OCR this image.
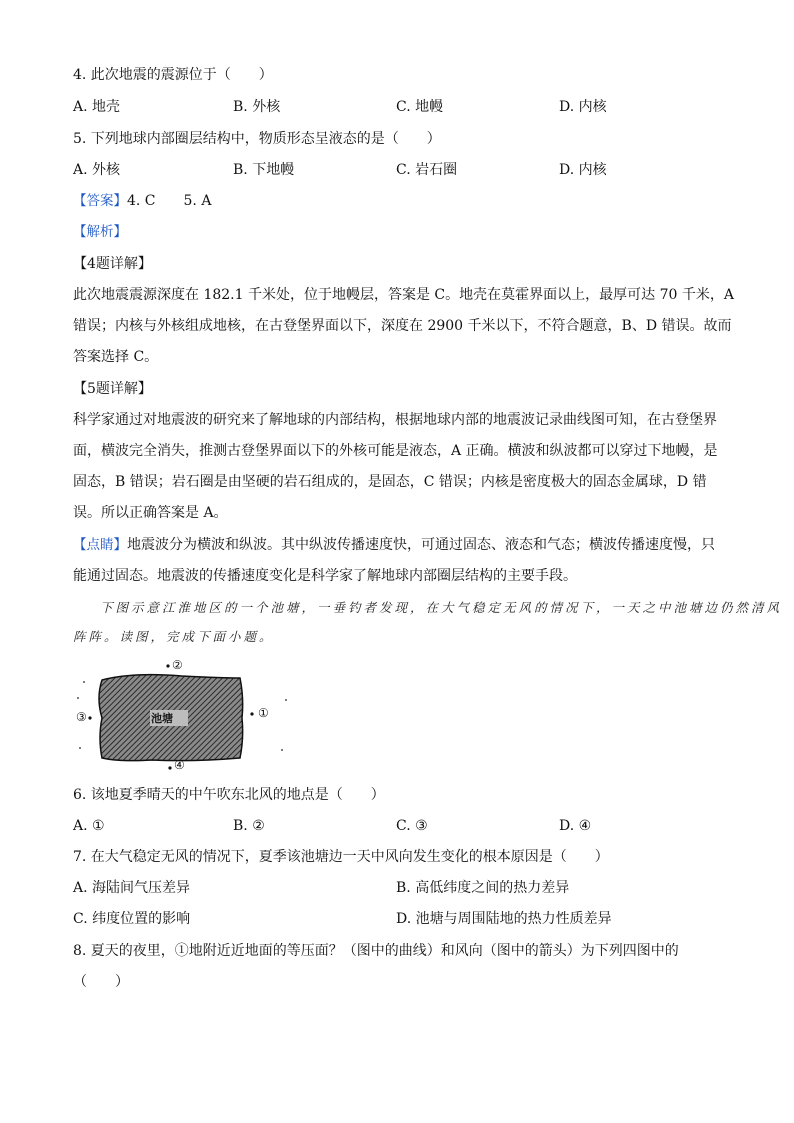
4. 此次地震的震源位于（　　）
A. 地壳	B. 外核	C. 地幔	D. 内核
5. 下列地球内部圈层结构中，物质形态呈液态的是（　　）
A. 外核	B. 下地幔	C. 岩石圈	D. 内核
【答案】4. C　　5. A
【解析】
【4题详解】
此次地震震源深度在 182.1 千米处，位于地幔层，答案是 C。地壳在莫霍界面以上，最厚可达 70 千米，A
错误；内核与外核组成地核，在古登堡界面以下，深度在 2900 千米以下，不符合题意，B、D 错误。故而
答案选择 C。
【5题详解】
科学家通过对地震波的研究来了解地球的内部结构，根据地球内部的地震波记录曲线图可知，在古登堡界
面，横波完全消失，推测古登堡界面以下的外核可能是液态，A 正确。横波和纵波都可以穿过下地幔，是
固态，B 错误；岩石圈是由坚硬的岩石组成的，是固态，C 错误；内核是密度极大的固态金属球，D 错
误。所以正确答案是 A。
【点睛】地震波分为横波和纵波。其中纵波传播速度快，可通过固态、液态和气态；横波传播速度慢，只
能通过固态。地震波的传播速度变化是科学家了解地球内部圈层结构的主要手段。
下图示意江淮地区的一个池塘，一垂钓者发现，在大气稳定无风的情况下，一天之中池塘边仍然清风
阵阵。读图，完成下面小题。
池塘	①
②
③
④
6. 该地夏季晴天的中午吹东北风的地点是（　　）
A. ①	B. ②	C. ③	D. ④
7. 在大气稳定无风的情况下，夏季该池塘边一天中风向发生变化的根本原因是（　　）
A. 海陆间气压差异	B. 高低纬度之间的热力差异
C. 纬度位置的影响	D. 池塘与周围陆地的热力性质差异
8. 夏天的夜里，①地附近近地面的等压面？（图中的曲线）和风向（图中的箭头）为下列四图中的
（　　）
